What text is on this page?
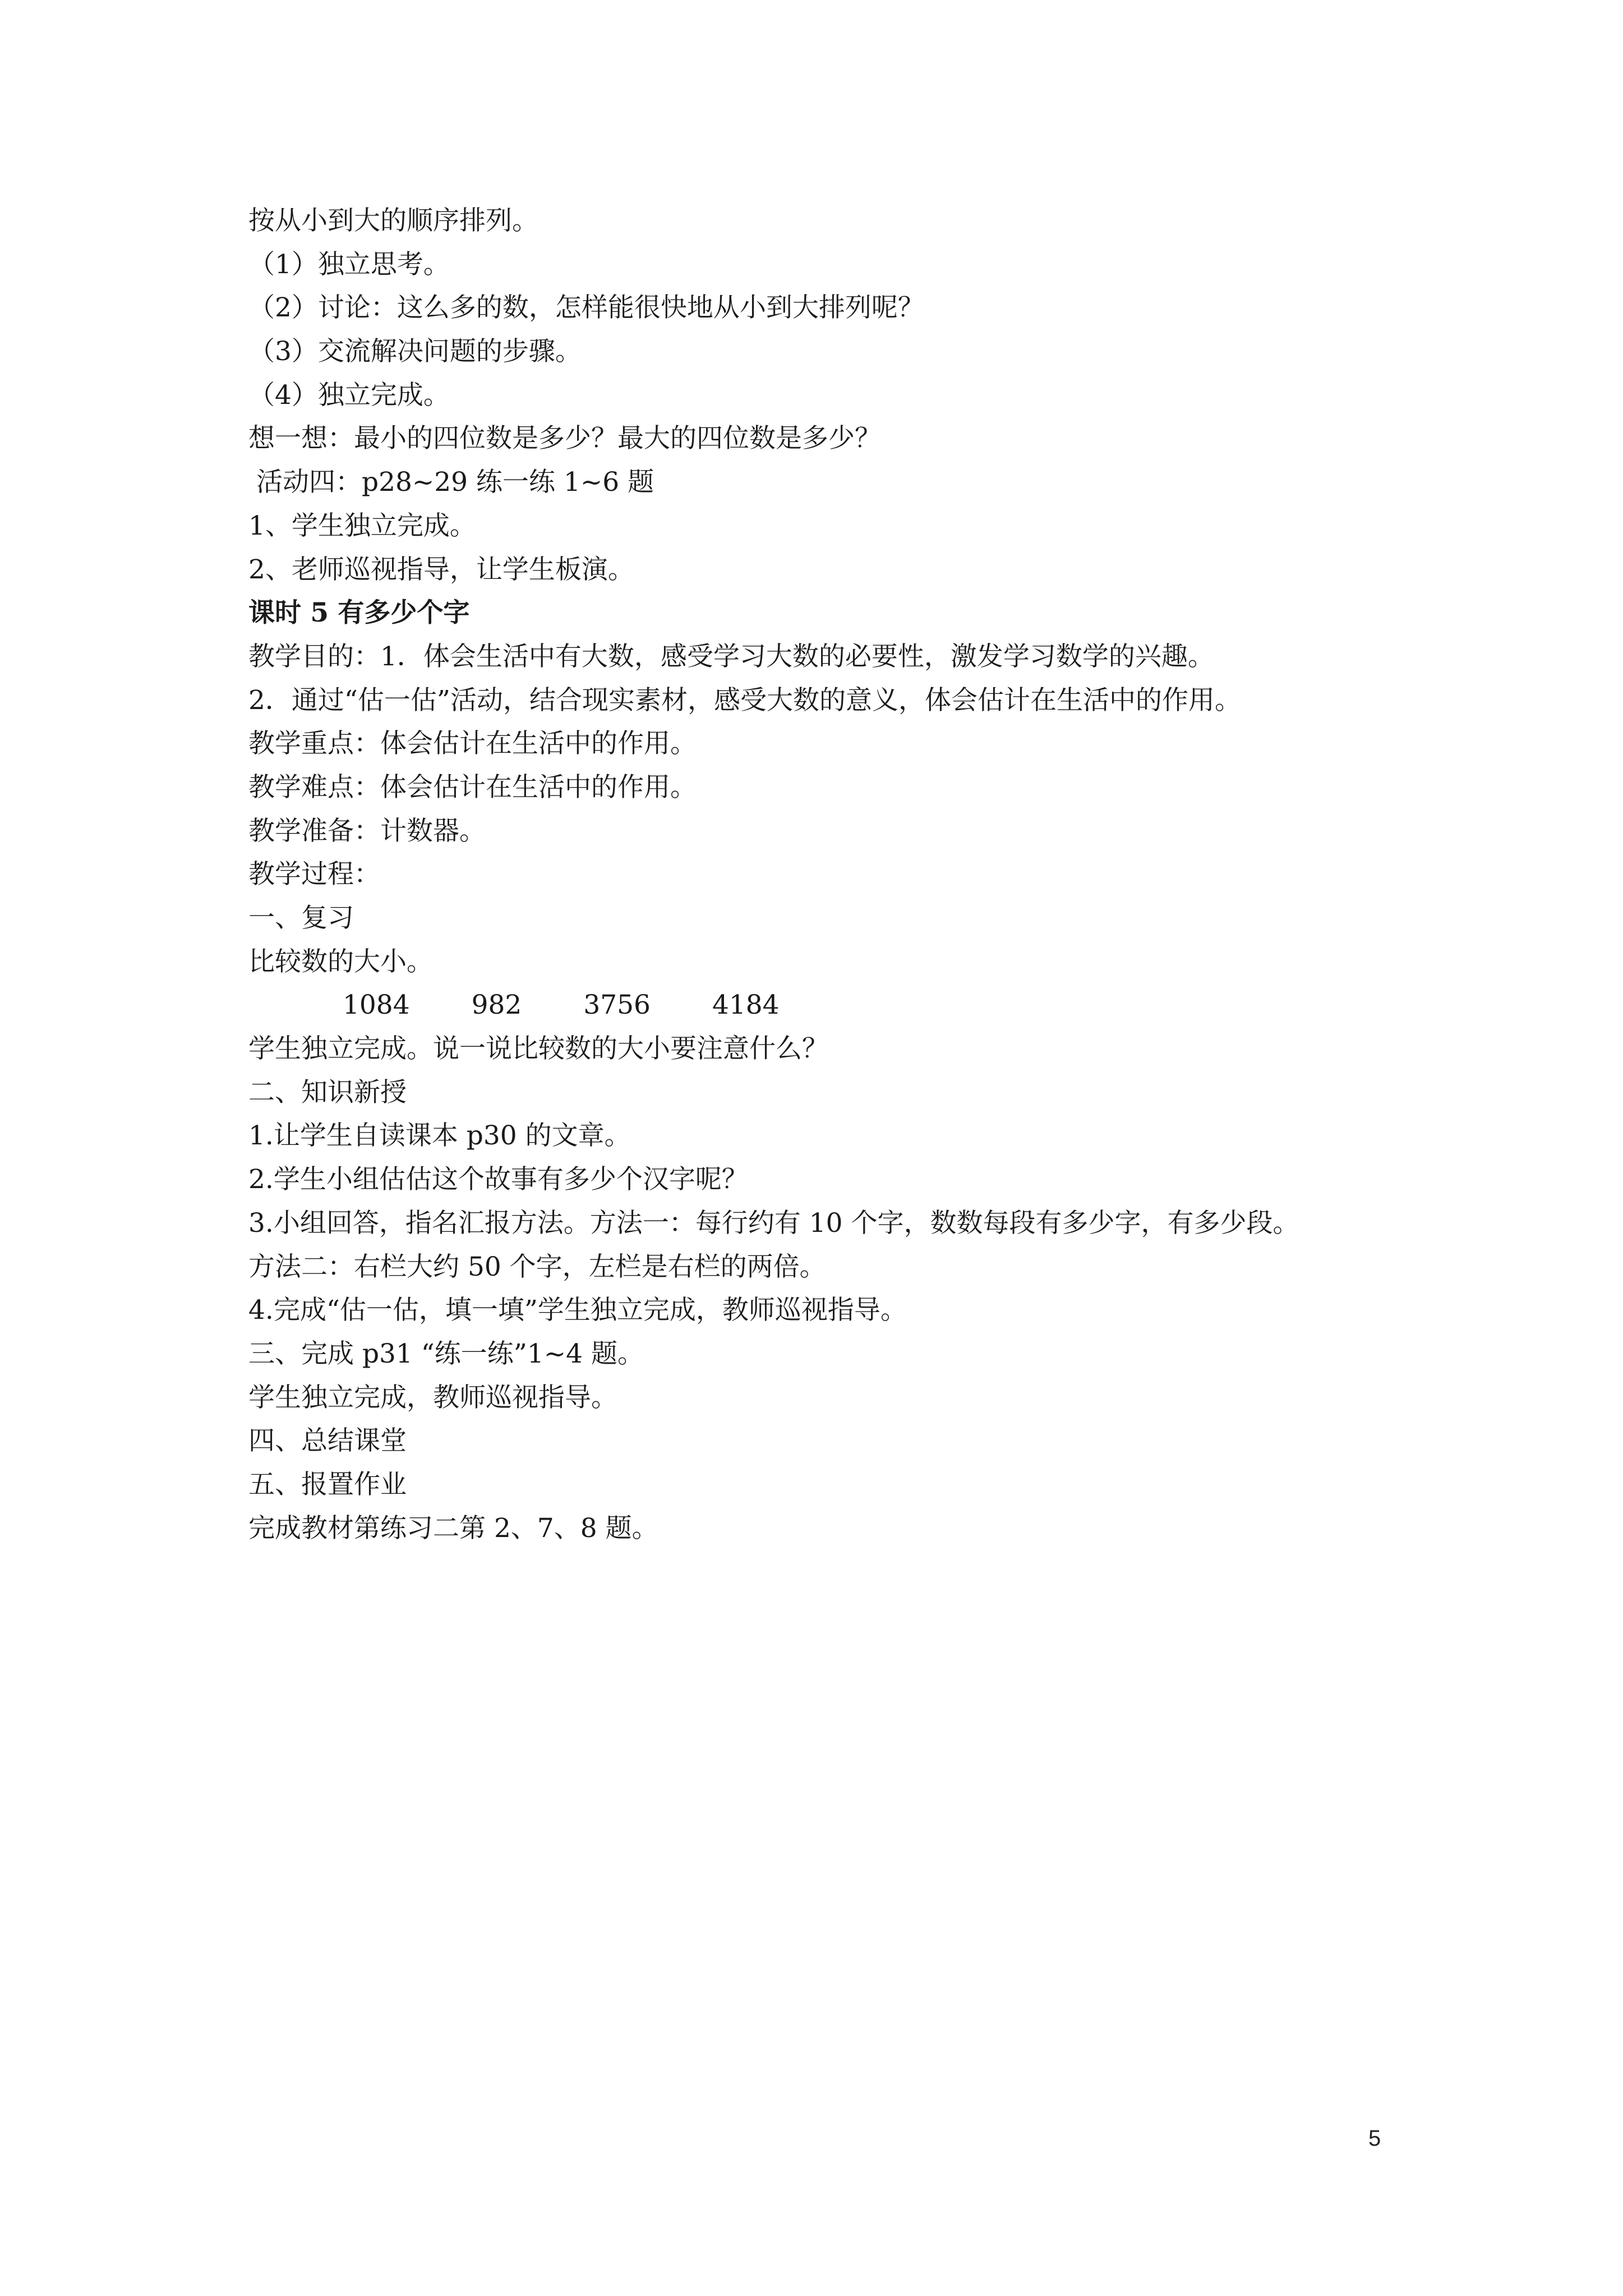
按从小到大的顺序排列。
（1）独立思考。
（2）讨论：这么多的数，怎样能很快地从小到大排列呢？
（3）交流解决问题的步骤。
（4）独立完成。
想一想：最小的四位数是多少？最大的四位数是多少？
活动四：p28~29 练一练 1~6 题
1、学生独立完成。
2、老师巡视指导，让学生板演。
课时 5 有多少个字
教学目的：1．体会生活中有大数，感受学习大数的必要性，激发学习数学的兴趣。
2．通过“估一估”活动，结合现实素材，感受大数的意义，体会估计在生活中的作用。
教学重点：体会估计在生活中的作用。
教学难点：体会估计在生活中的作用。
教学准备：计数器。
教学过程：
一、复习
比较数的大小。
1084 982 3756 4184
学生独立完成。说一说比较数的大小要注意什么？
二、知识新授
1.让学生自读课本 p30 的文章。
2.学生小组估估这个故事有多少个汉字呢？
3.小组回答，指名汇报方法。方法一：每行约有 10 个字，数数每段有多少字，有多少段。
方法二：右栏大约 50 个字，左栏是右栏的两倍。
4.完成“估一估，填一填”学生独立完成，教师巡视指导。
三、完成 p31 “练一练”1~4 题。
学生独立完成，教师巡视指导。
四、总结课堂
五、报置作业
完成教材第练习二第 2、7、8 题。
5
